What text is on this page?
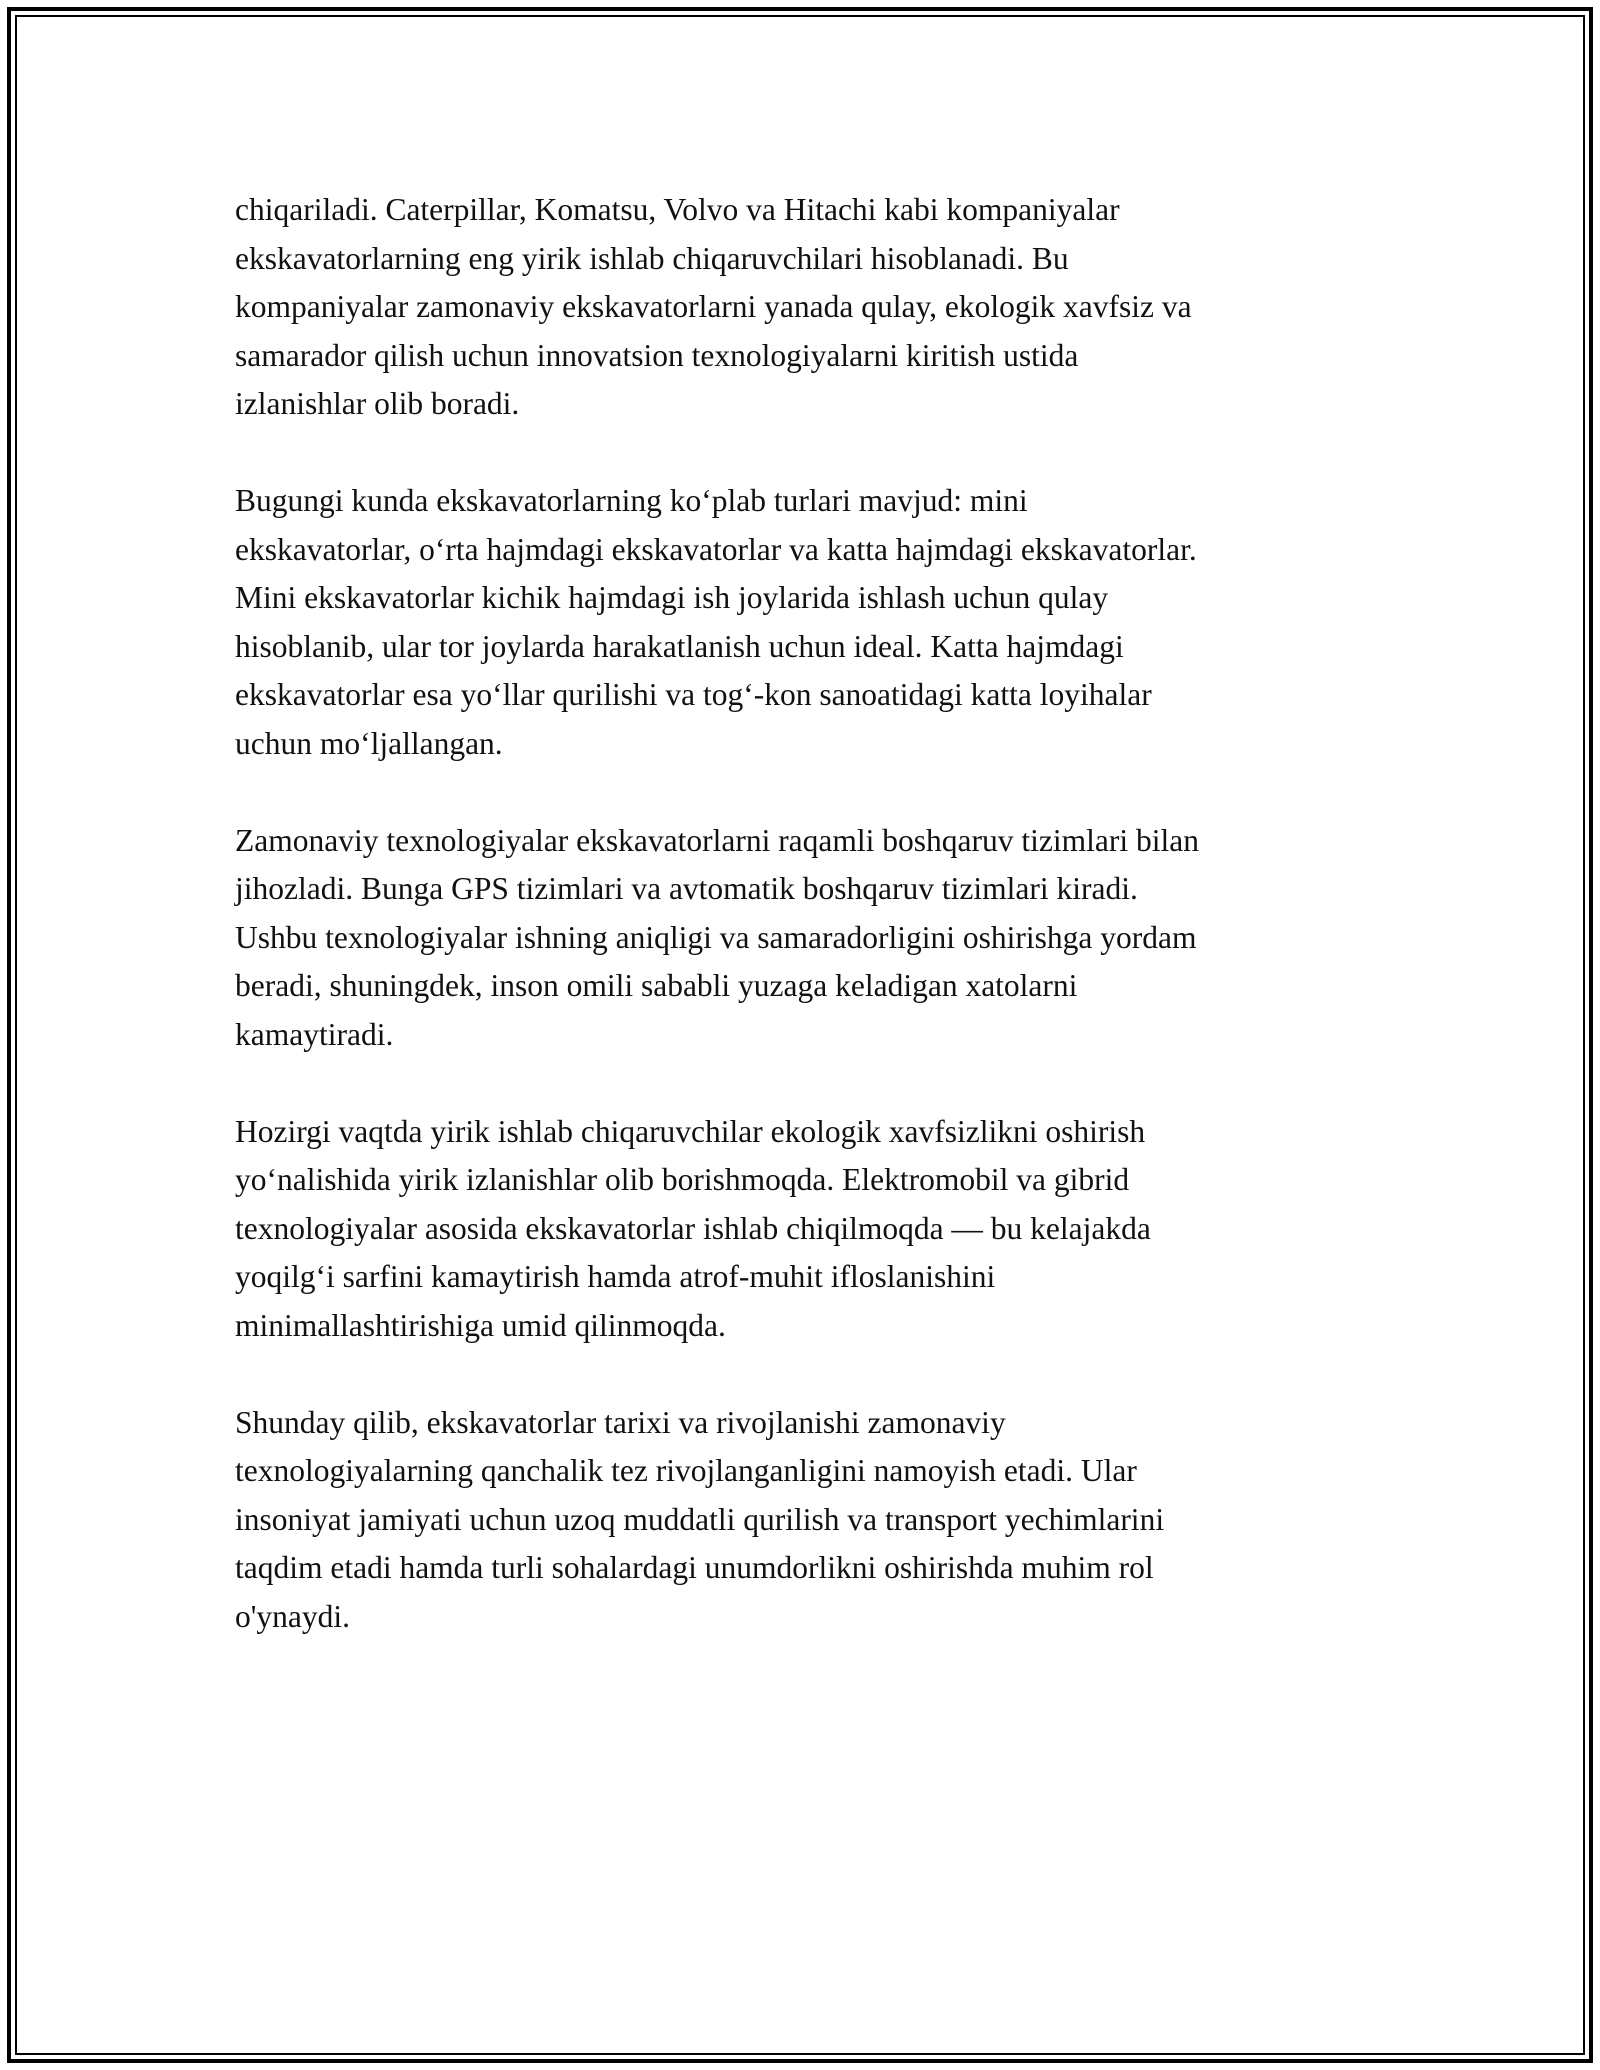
chiqariladi. Caterpillar, Komatsu, Volvo va Hitachi kabi kompaniyalar
ekskavatorlarning eng yirik ishlab chiqaruvchilari hisoblanadi. Bu
kompaniyalar zamonaviy ekskavatorlarni yanada qulay, ekologik xavfsiz va
samarador qilish uchun innovatsion texnologiyalarni kiritish ustida
izlanishlar olib boradi.

Bugungi kunda ekskavatorlarning ko‘plab turlari mavjud: mini
ekskavatorlar, o‘rta hajmdagi ekskavatorlar va katta hajmdagi ekskavatorlar.
Mini ekskavatorlar kichik hajmdagi ish joylarida ishlash uchun qulay
hisoblanib, ular tor joylarda harakatlanish uchun ideal. Katta hajmdagi
ekskavatorlar esa yo‘llar qurilishi va tog‘-kon sanoatidagi katta loyihalar
uchun mo‘ljallangan.

Zamonaviy texnologiyalar ekskavatorlarni raqamli boshqaruv tizimlari bilan
jihozladi. Bunga GPS tizimlari va avtomatik boshqaruv tizimlari kiradi.
Ushbu texnologiyalar ishning aniqligi va samaradorligini oshirishga yordam
beradi, shuningdek, inson omili sababli yuzaga keladigan xatolarni
kamaytiradi.

Hozirgi vaqtda yirik ishlab chiqaruvchilar ekologik xavfsizlikni oshirish
yo‘nalishida yirik izlanishlar olib borishmoqda. Elektromobil va gibrid
texnologiyalar asosida ekskavatorlar ishlab chiqilmoqda — bu kelajakda
yoqilg‘i sarfini kamaytirish hamda atrof-muhit ifloslanishini
minimallashtirishiga umid qilinmoqda.

Shunday qilib, ekskavatorlar tarixi va rivojlanishi zamonaviy
texnologiyalarning qanchalik tez rivojlanganligini namoyish etadi. Ular
insoniyat jamiyati uchun uzoq muddatli qurilish va transport yechimlarini
taqdim etadi hamda turli sohalardagi unumdorlikni oshirishda muhim rol
o'ynaydi.
